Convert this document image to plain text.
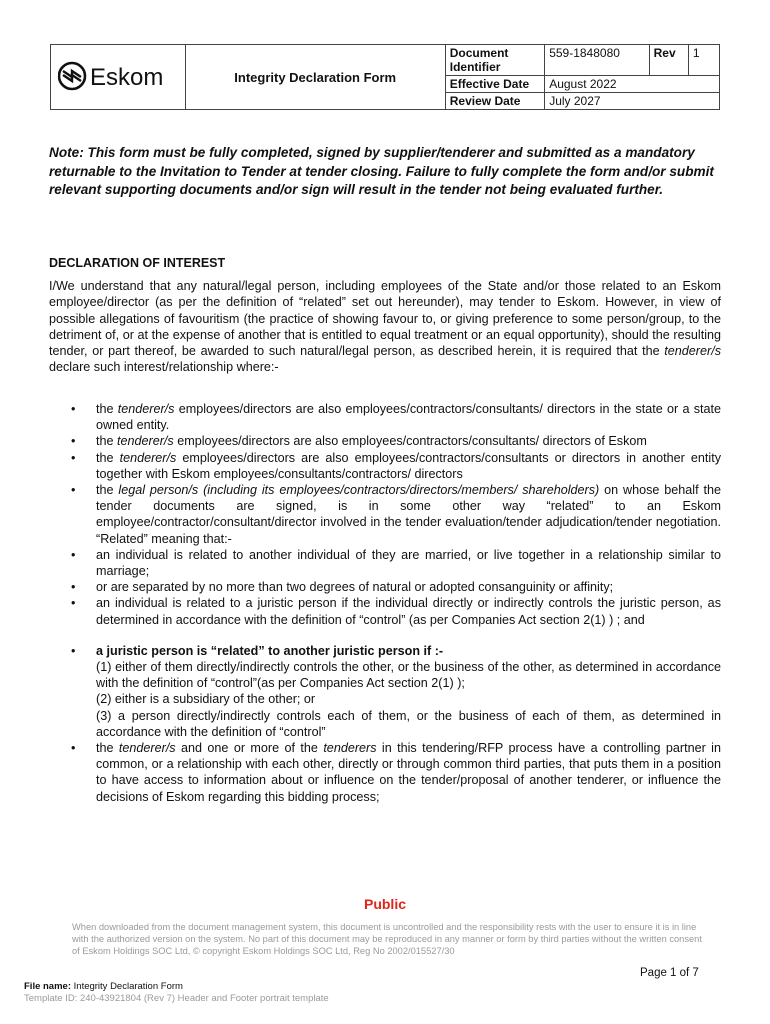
Eskom	Integrity Declaration Form	Document Identifier	559-1848080	Rev	1
		Effective Date	August 2022		
		Review Date	July 2027		
Note: This form must be fully completed, signed by supplier/tenderer and submitted as a mandatory returnable to the Invitation to Tender at tender closing. Failure to fully complete the form and/or submit relevant supporting documents and/or sign will result in the tender not being evaluated further.
DECLARATION OF INTEREST
I/We understand that any natural/legal person, including employees of the State and/or those related to an Eskom employee/director (as per the definition of “related” set out hereunder), may tender to Eskom. However, in view of possible allegations of favouritism (the practice of showing favour to, or giving preference to some person/group, to the detriment of, or at the expense of another that is entitled to equal treatment or an equal opportunity), should the resulting tender, or part thereof, be awarded to such natural/legal person, as described herein, it is required that the tenderer/s declare such interest/relationship where:-
• the tenderer/s employees/directors are also employees/contractors/consultants/ directors in the state or a state owned entity.
• the tenderer/s employees/directors are also employees/contractors/consultants/ directors of Eskom
• the tenderer/s employees/directors are also employees/contractors/consultants or directors in another entity together with Eskom employees/consultants/contractors/ directors
• the legal person/s (including its employees/contractors/directors/members/ shareholders) on whose behalf the tender documents are signed, is in some other way “related” to an Eskom employee/contractor/consultant/director involved in the tender evaluation/tender adjudication/tender negotiation. “Related” meaning that:-
• an individual is related to another individual of they are married, or live together in a relationship similar to marriage;
• or are separated by no more than two degrees of natural or adopted consanguinity or affinity;
• an individual is related to a juristic person if the individual directly or indirectly controls the juristic person, as determined in accordance with the definition of “control” (as per Companies Act section 2(1) ) ; and
• a juristic person is “related” to another juristic person if :-
(1) either of them directly/indirectly controls the other, or the business of the other, as determined in accordance with the definition of “control”(as per Companies Act section 2(1) );
(2) either is a subsidiary of the other; or
(3) a person directly/indirectly controls each of them, or the business of each of them, as determined in accordance with the definition of “control”
• the tenderer/s and one or more of the tenderers in this tendering/RFP process have a controlling partner in common, or a relationship with each other, directly or through common third parties, that puts them in a position to have access to information about or influence on the tender/proposal of another tenderer, or influence the decisions of Eskom regarding this bidding process;
Public
When downloaded from the document management system, this document is uncontrolled and the responsibility rests with the user to ensure it is in line with the authorized version on the system. No part of this document may be reproduced in any manner or form by third parties without the written consent of Eskom Holdings SOC Ltd, © copyright Eskom Holdings SOC Ltd, Reg No 2002/015527/30
Page 1 of 7
File name: Integrity Declaration Form
Template ID: 240-43921804 (Rev 7) Header and Footer portrait template
